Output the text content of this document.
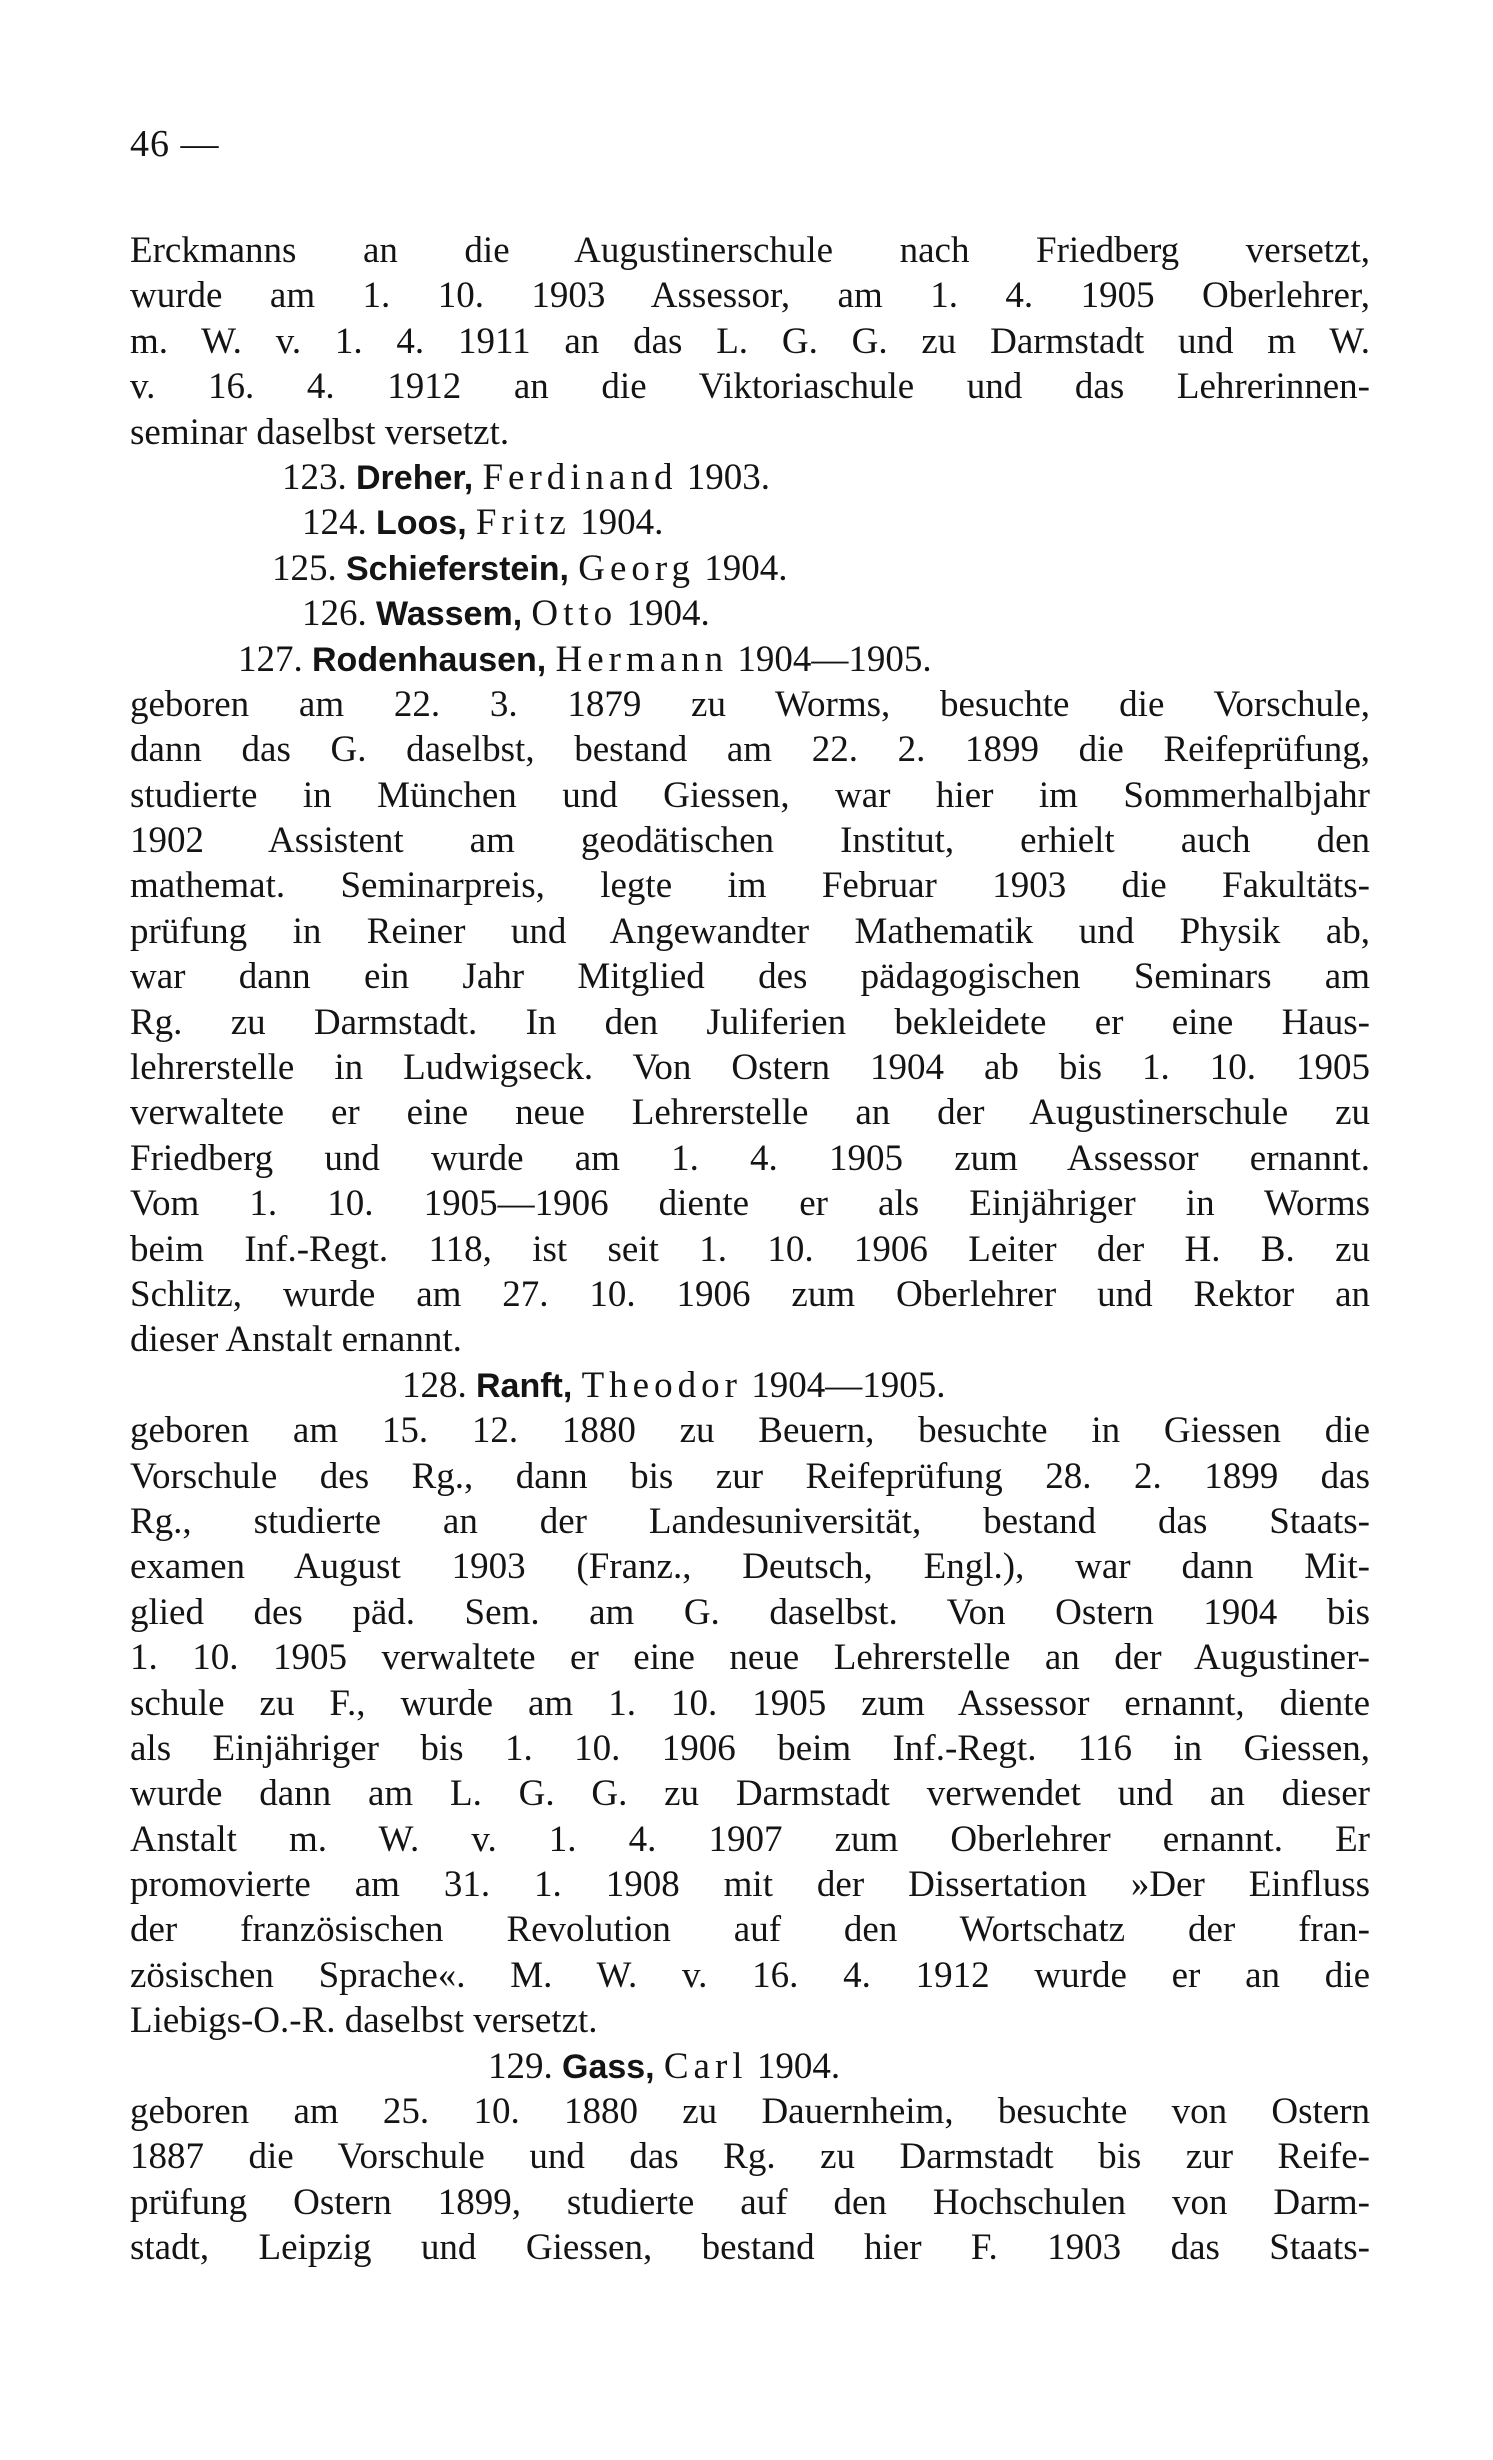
46 —
Erckmanns an die Augustinerschule nach Friedberg versetzt,
wurde am 1. 10. 1903 Assessor, am 1. 4. 1905 Oberlehrer,
m. W. v. 1. 4. 1911 an das L. G. G. zu Darmstadt und m W.
v. 16. 4. 1912 an die Viktoriaschule und das Lehrerinnen-
seminar daselbst versetzt.
123. Dreher, Ferdinand 1903.
124. Loos, Fritz 1904.
125. Schieferstein, Georg 1904.
126. Wassem, Otto 1904.
127. Rodenhausen, Hermann 1904—1905.
geboren am 22. 3. 1879 zu Worms, besuchte die Vorschule,
dann das G. daselbst, bestand am 22. 2. 1899 die Reifeprüfung,
studierte in München und Giessen, war hier im Sommerhalbjahr
1902 Assistent am geodätischen Institut, erhielt auch den
mathemat. Seminarpreis, legte im Februar 1903 die Fakultäts-
prüfung in Reiner und Angewandter Mathematik und Physik ab,
war dann ein Jahr Mitglied des pädagogischen Seminars am
Rg. zu Darmstadt. In den Juliferien bekleidete er eine Haus-
lehrerstelle in Ludwigseck. Von Ostern 1904 ab bis 1. 10. 1905
verwaltete er eine neue Lehrerstelle an der Augustinerschule zu
Friedberg und wurde am 1. 4. 1905 zum Assessor ernannt.
Vom 1. 10. 1905—1906 diente er als Einjähriger in Worms
beim Inf.-Regt. 118, ist seit 1. 10. 1906 Leiter der H. B. zu
Schlitz, wurde am 27. 10. 1906 zum Oberlehrer und Rektor an
dieser Anstalt ernannt.
128. Ranft, Theodor 1904—1905.
geboren am 15. 12. 1880 zu Beuern, besuchte in Giessen die
Vorschule des Rg., dann bis zur Reifeprüfung 28. 2. 1899 das
Rg., studierte an der Landesuniversität, bestand das Staats-
examen August 1903 (Franz., Deutsch, Engl.), war dann Mit-
glied des päd. Sem. am G. daselbst. Von Ostern 1904 bis
1. 10. 1905 verwaltete er eine neue Lehrerstelle an der Augustiner-
schule zu F., wurde am 1. 10. 1905 zum Assessor ernannt, diente
als Einjähriger bis 1. 10. 1906 beim Inf.-Regt. 116 in Giessen,
wurde dann am L. G. G. zu Darmstadt verwendet und an dieser
Anstalt m. W. v. 1. 4. 1907 zum Oberlehrer ernannt. Er
promovierte am 31. 1. 1908 mit der Dissertation »Der Einfluss
der französischen Revolution auf den Wortschatz der fran-
zösischen Sprache«. M. W. v. 16. 4. 1912 wurde er an die
Liebigs-O.-R. daselbst versetzt.
129. Gass, Carl 1904.
geboren am 25. 10. 1880 zu Dauernheim, besuchte von Ostern
1887 die Vorschule und das Rg. zu Darmstadt bis zur Reife-
prüfung Ostern 1899, studierte auf den Hochschulen von Darm-
stadt, Leipzig und Giessen, bestand hier F. 1903 das Staats-
